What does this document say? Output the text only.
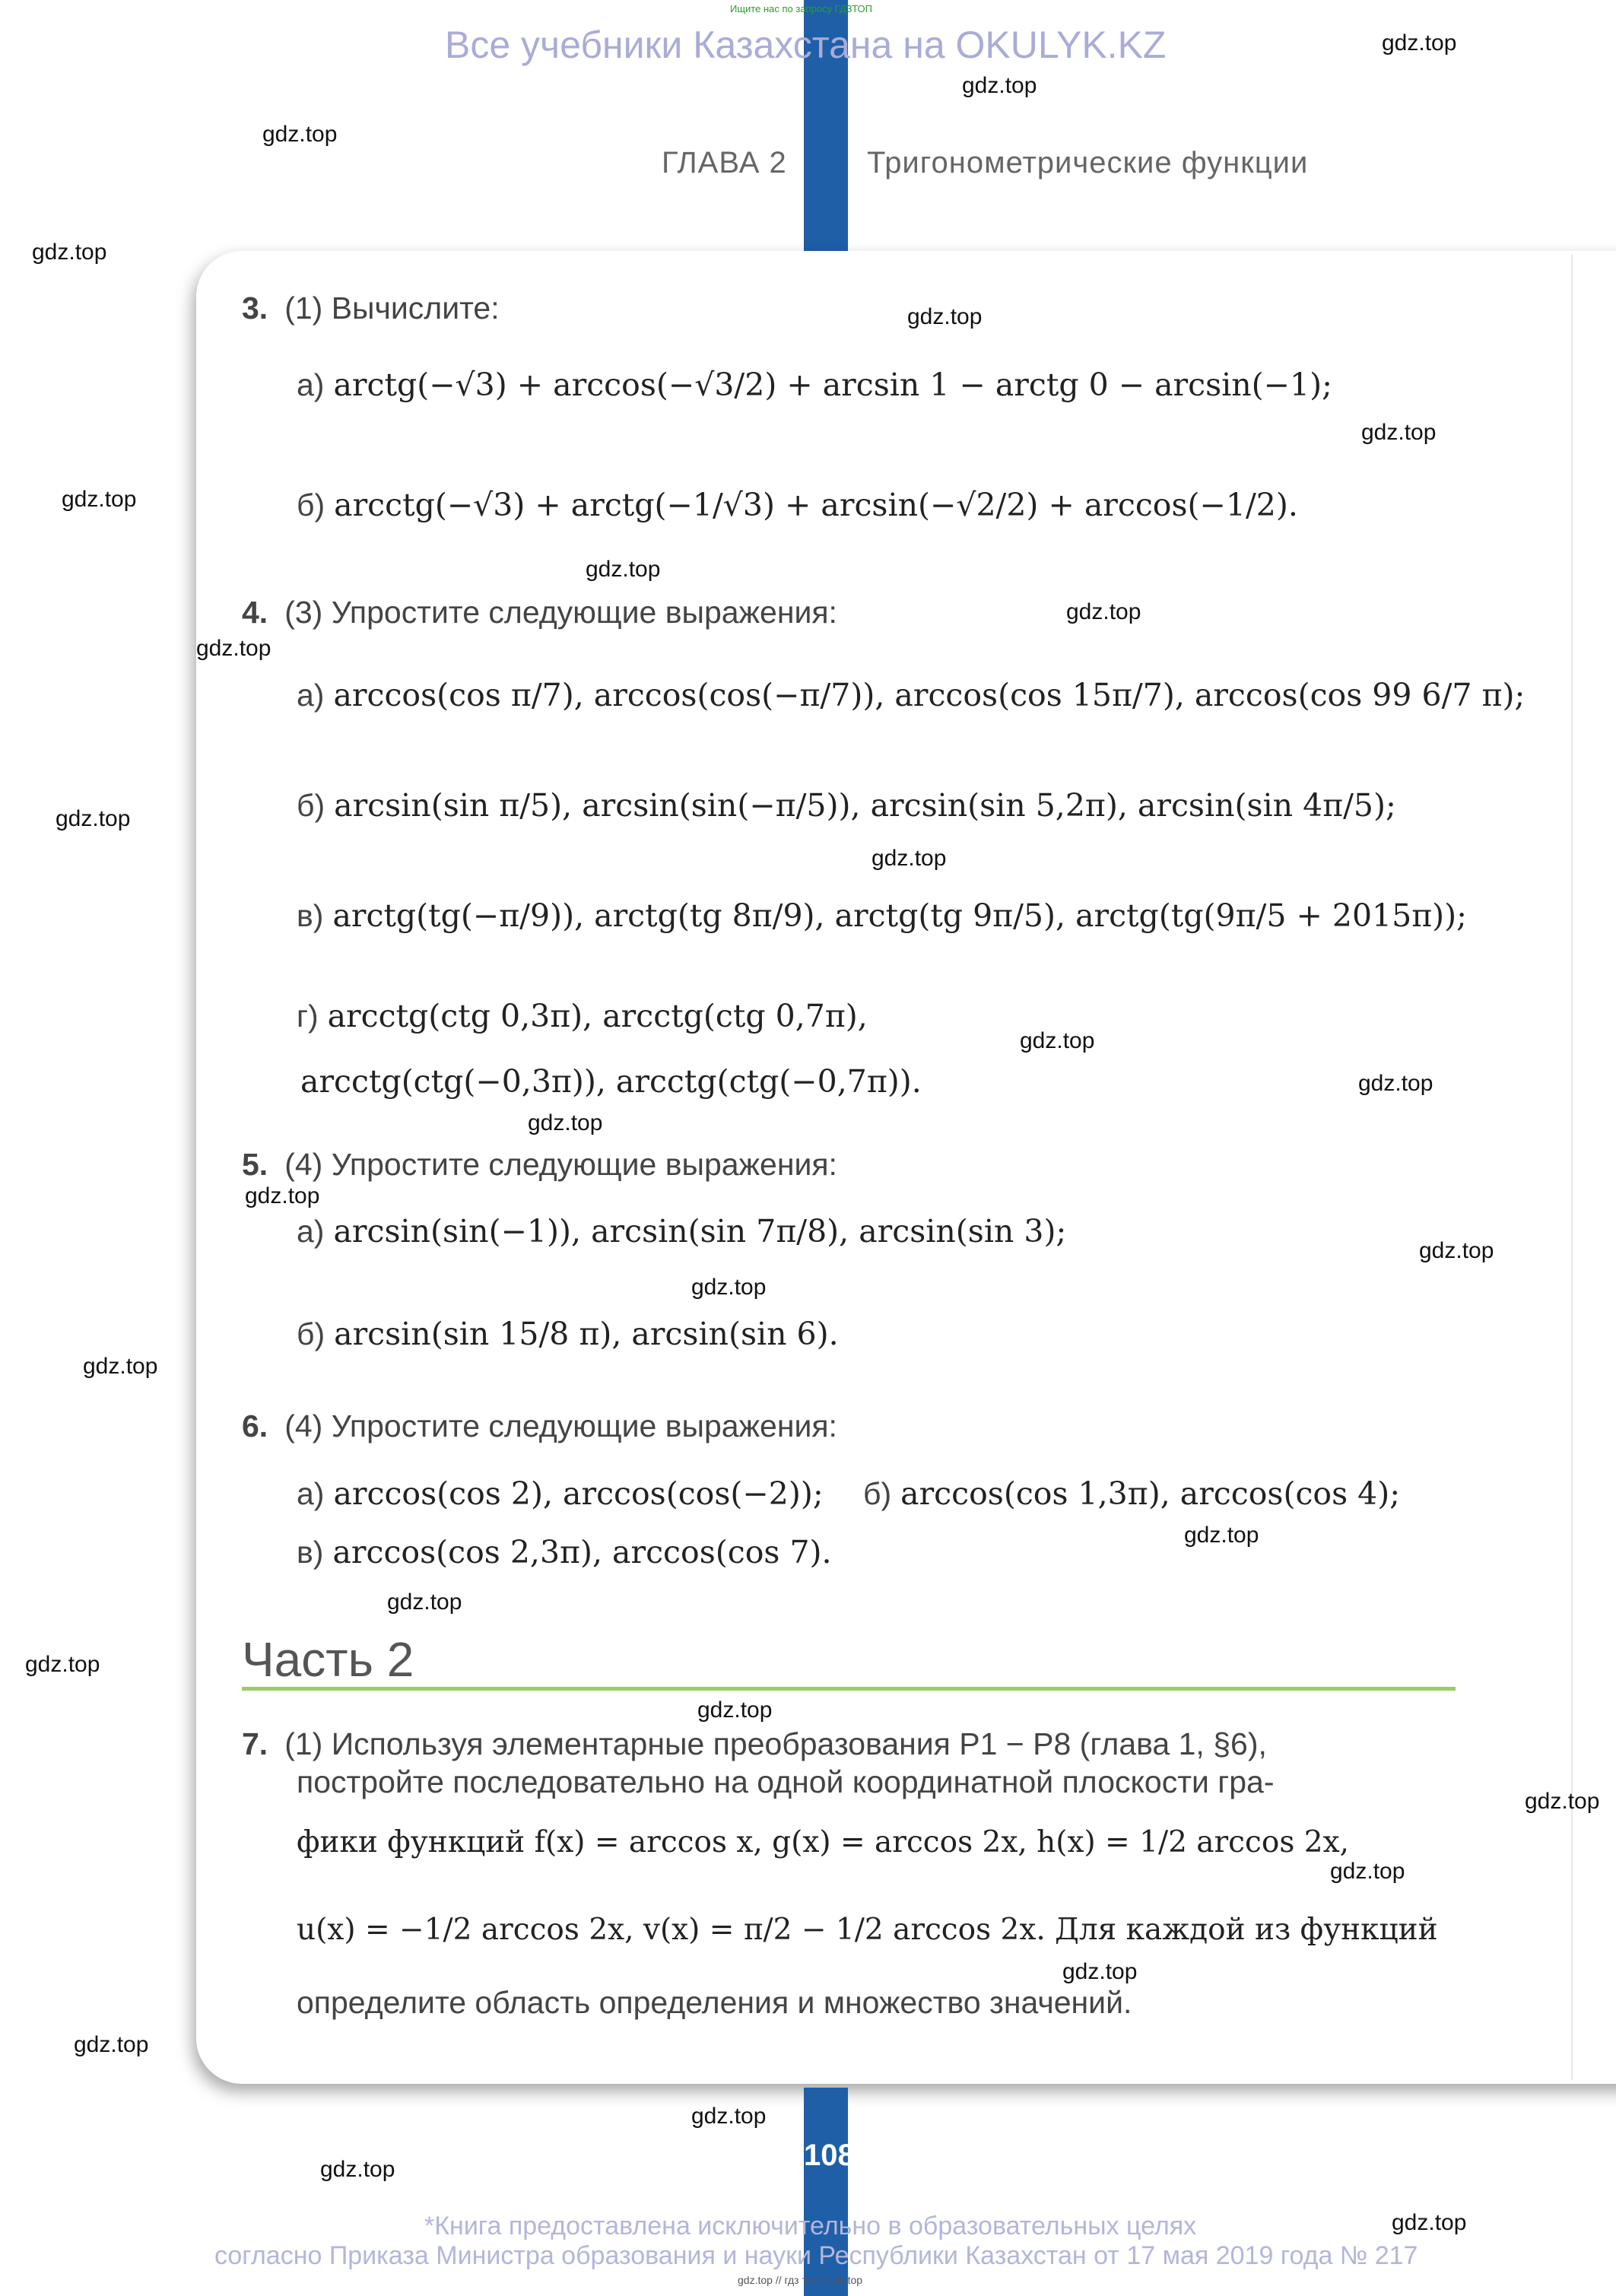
Ищите нас по запросу ГДЗТОП
Все учебники Казахстана на OKULYK.KZ
ГЛАВА 2	Тригонометрические функции
3. (1) Вычислите:
а) arctg(−√3) + arccos(−√3/2) + arcsin 1 − arctg 0 − arcsin(−1);
б) arcctg(−√3) + arctg(−1/√3) + arcsin(−√2/2) + arccos(−1/2).
4. (3) Упростите следующие выражения:
а) arccos(cos π/7), arccos(cos(−π/7)), arccos(cos 15π/7), arccos(cos 99 6/7 π);
б) arcsin(sin π/5), arcsin(sin(−π/5)), arcsin(sin 5,2π), arcsin(sin 4π/5);
в) arctg(tg(−π/9)), arctg(tg 8π/9), arctg(tg 9π/5), arctg(tg(9π/5 + 2015π));
г) arcctg(ctg 0,3π), arcctg(ctg 0,7π),
arcctg(ctg(−0,3π)), arcctg(ctg(−0,7π)).
5. (4) Упростите следующие выражения:
а) arcsin(sin(−1)), arcsin(sin 7π/8), arcsin(sin 3);
б) arcsin(sin 15/8 π), arcsin(sin 6).
6. (4) Упростите следующие выражения:
а) arccos(cos 2), arccos(cos(−2)); б) arccos(cos 1,3π), arccos(cos 4);
в) arccos(cos 2,3π), arccos(cos 7).
Часть 2
7. (1) Используя элементарные преобразования P1 − P8 (глава 1, §6),
постройте последовательно на одной координатной плоскости гра-
фики функций f(x) = arccos x, g(x) = arccos 2x, h(x) = 1/2 arccos 2x,
u(x) = −1/2 arccos 2x, v(x) = π/2 − 1/2 arccos 2x. Для каждой из функций
определите область определения и множество значений.
108
*Книга предоставлена исключительно в образовательных целях
согласно Приказа Министра образования и науки Республики Казахстан от 17 мая 2019 года № 217
gdz.top // гдз топ // гдз.top
gdz.top
gdz.top
gdz.top
gdz.top
gdz.top
gdz.top
gdz.top
gdz.top
gdz.top
gdz.top
gdz.top
gdz.top
gdz.top
gdz.top
gdz.top
gdz.top
gdz.top
gdz.top
gdz.top
gdz.top
gdz.top
gdz.top
gdz.top
gdz.top
gdz.top
gdz.top
gdz.top
gdz.top
gdz.top
gdz.top
